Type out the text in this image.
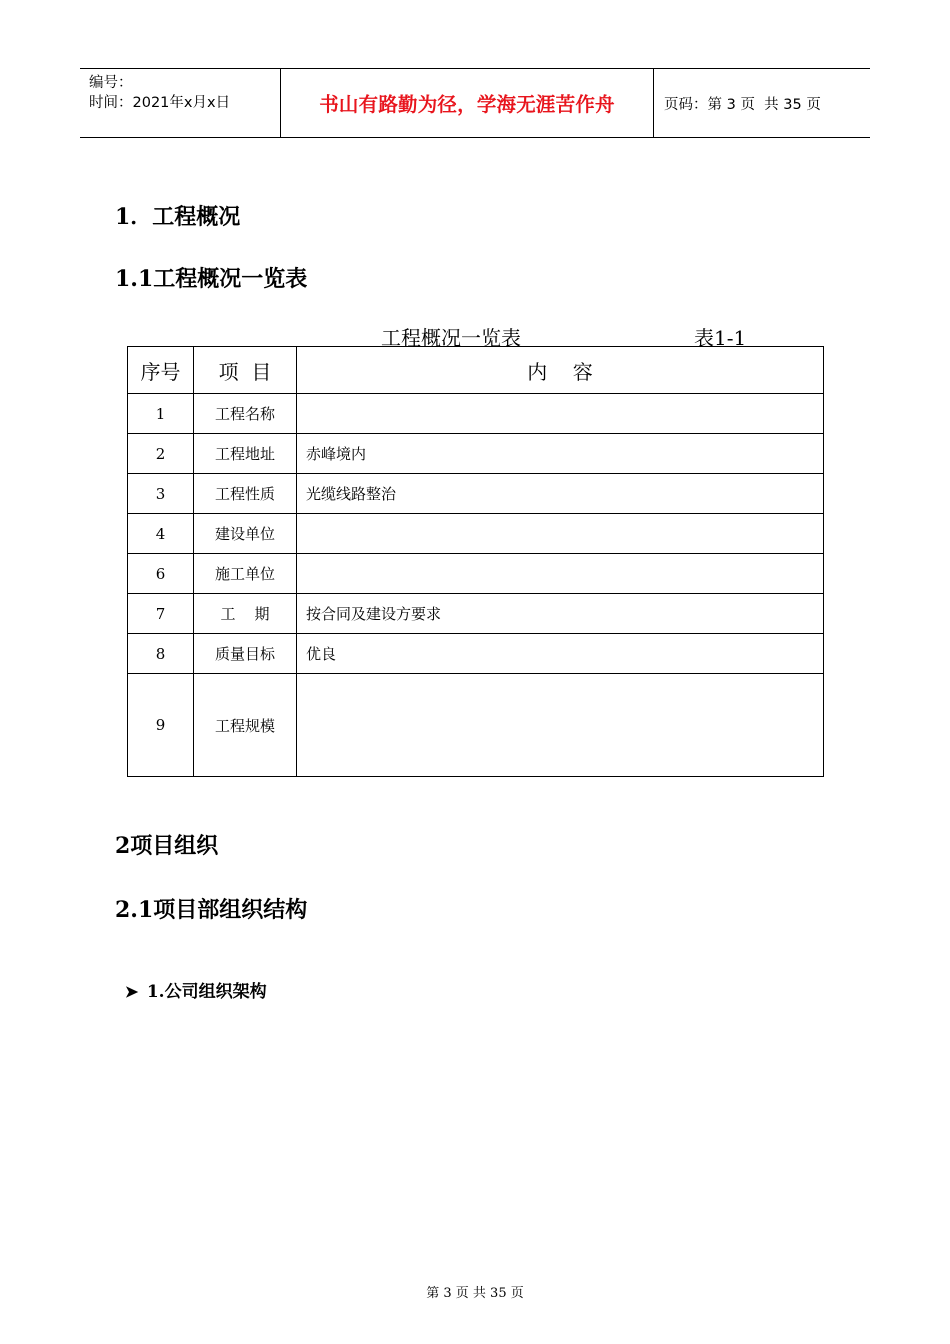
编号：
时间：2021年x月x日	书山有路勤为径，学海无涯苦作舟	页码：第 3 页  共 35 页
1．工程概况
1.1工程概况一览表
工程概况一览表	表1-1
序号	项  目	内    容
1	工程名称	
2	工程地址	赤峰境内
3	工程性质	光缆线路整治
4	建设单位	
6	施工单位	
7	工    期	按合同及建设方要求
8	质量目标	优良
9	工程规模	
2项目组织
2.1项目部组织结构

➤ 1.公司组织架构

第 3 页 共 35 页
